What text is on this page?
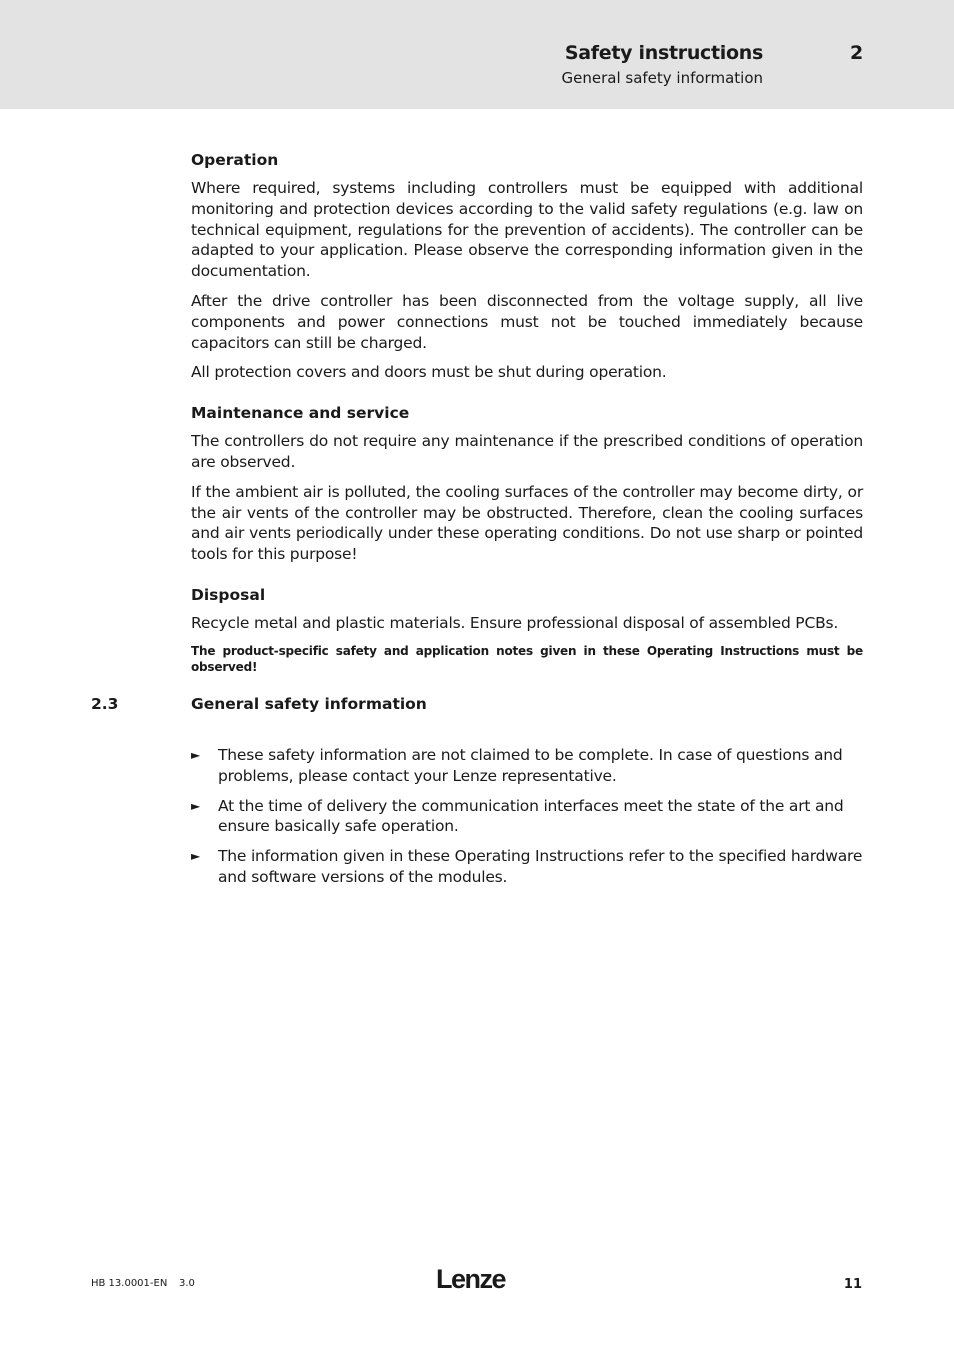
Safety instructions	2
General safety information
Operation

Where required, systems including controllers must be equipped with additional monitoring and protection devices according to the valid safety regulations (e.g. law on technical equipment, regulations for the prevention of accidents). The controller can be adapted to your application. Please observe the corresponding information given in the documentation.

After the drive controller has been disconnected from the voltage supply, all live components and power connections must not be touched immediately because capacitors can still be charged.

All protection covers and doors must be shut during operation.

Maintenance and service

The controllers do not require any maintenance if the prescribed conditions of operation are observed.

If the ambient air is polluted, the cooling surfaces of the controller may become dirty, or the air vents of the controller may be obstructed. Therefore, clean the cooling surfaces and air vents periodically under these operating conditions. Do not use sharp or pointed tools for this purpose!

Disposal

Recycle metal and plastic materials. Ensure professional disposal of assembled PCBs.

The product-specific safety and application notes given in these Operating Instructions must be observed!

2.3	General safety information
► These safety information are not claimed to be complete. In case of questions and problems, please contact your Lenze representative.
► At the time of delivery the communication interfaces meet the state of the art and ensure basically safe operation.
► The information given in these Operating Instructions refer to the specified hardware and software versions of the modules.
HB 13.0001-EN 3.0	Lenze	11
